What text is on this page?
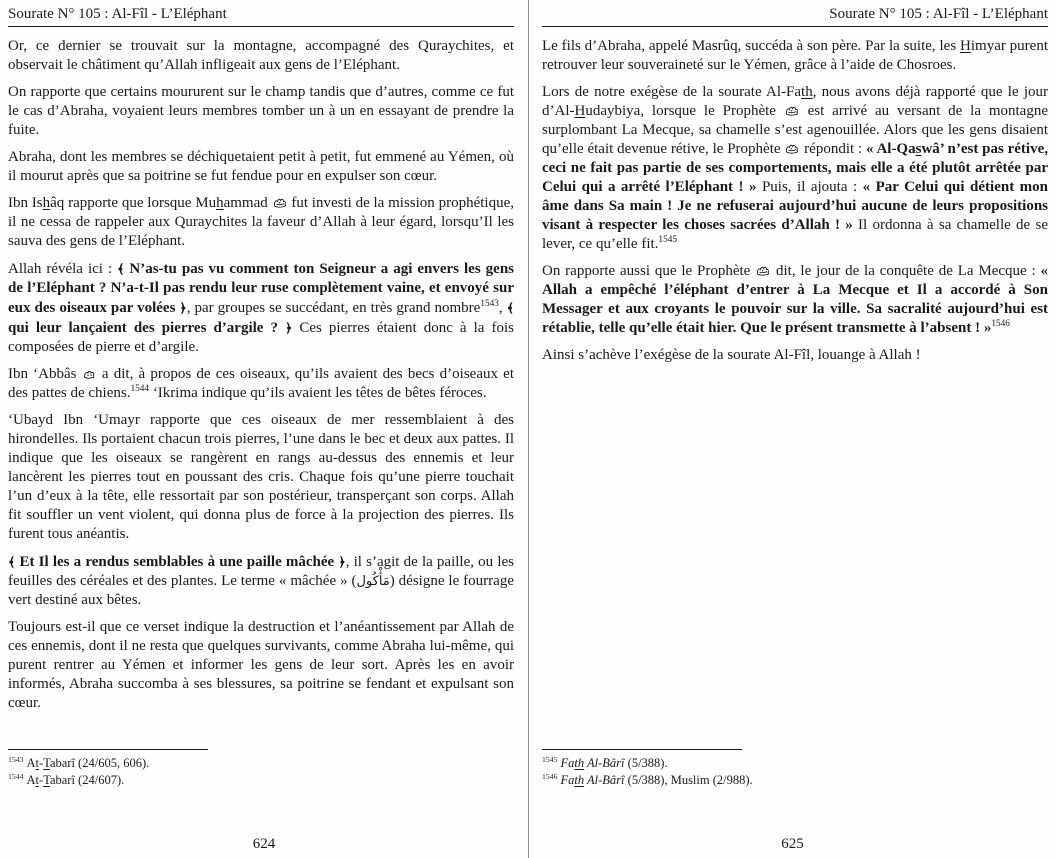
Sourate N° 105 : Al-Fîl - L’Eléphant

Or, ce dernier se trouvait sur la montagne, accompagné des Quraychites, et observait le châtiment qu’Allah infligeait aux gens de l’Eléphant.

On rapporte que certains moururent sur le champ tandis que d’autres, comme ce fut le cas d’Abraha, voyaient leurs membres tomber un à un en essayant de prendre la fuite.

Abraha, dont les membres se déchiquetaient petit à petit, fut emmené au Yémen, où il mourut après que sa poitrine se fut fendue pour en expulser son cœur.

Ibn Ishâq rapporte que lorsque Muhammad  fut investi de la mission prophétique, il ne cessa de rappeler aux Quraychites la faveur d’Allah à leur égard, lorsqu’Il les sauva des gens de l’Eléphant.

Allah révéla ici : ﴾ N’as-tu pas vu comment ton Seigneur a agi envers les gens de l’Eléphant ? N’a-t-Il pas rendu leur ruse complètement vaine, et envoyé sur eux des oiseaux par volées ﴿, par groupes se succédant, en très grand nombre$^{1543}$, ﴾ qui leur lançaient des pierres d’argile ? ﴿ Ces pierres étaient donc à la fois composées de pierre et d’argile.

Ibn ‘Abbâs  a dit, à propos de ces oiseaux, qu’ils avaient des becs d’oiseaux et des pattes de chiens.$^{1544}$ ‘Ikrima indique qu’ils avaient les têtes de bêtes féroces.

‘Ubayd Ibn ‘Umayr rapporte que ces oiseaux de mer ressemblaient à des hirondelles. Ils portaient chacun trois pierres, l’une dans le bec et deux aux pattes. Il indique que les oiseaux se rangèrent en rangs au-dessus des ennemis et leur lancèrent les pierres tout en poussant des cris. Chaque fois qu’une pierre touchait l’un d’eux à la tête, elle ressortait par son postérieur, transperçant son corps. Allah fit souffler un vent violent, qui donna plus de force à la projection des pierres. Ils furent tous anéantis.

﴾ Et Il les a rendus semblables à une paille mâchée ﴿, il s’agit de la paille, ou les feuilles des céréales et des plantes. Le terme « mâchée » (مَأْكُول) désigne le fourrage vert destiné aux bêtes.

Toujours est-il que ce verset indique la destruction et l’anéantissement par Allah de ces ennemis, dont il ne resta que quelques survivants, comme Abraha lui-même, qui purent rentrer au Yémen et informer les gens de leur sort. Après les en avoir informés, Abraha succomba à ses blessures, sa poitrine se fendant et expulsant son cœur.

$^{1543}$ At-Tabarî (24/605, 606).
$^{1544}$ At-Tabarî (24/607).
624
Sourate N° 105 : Al-Fîl - L’Eléphant

Le fils d’Abraha, appelé Masrûq, succéda à son père. Par la suite, les Himyar purent retrouver leur souveraineté sur le Yémen, grâce à l’aide de Chosroes.

Lors de notre exégèse de la sourate Al-Fath, nous avons déjà rapporté que le jour d’Al-Hudaybiya, lorsque le Prophète  est arrivé au versant de la montagne surplombant La Mecque, sa chamelle s’est agenouillée. Alors que les gens disaient qu’elle était devenue rétive, le Prophète  répondit : « Al-Qaswâ’ n’est pas rétive, ceci ne fait pas partie de ses comportements, mais elle a été plutôt arrêtée par Celui qui a arrêté l’Eléphant ! » Puis, il ajouta : « Par Celui qui détient mon âme dans Sa main ! Je ne refuserai aujourd’hui aucune de leurs propositions visant à respecter les choses sacrées d’Allah ! » Il ordonna à sa chamelle de se lever, ce qu’elle fit.$^{1545}$

On rapporte aussi que le Prophète  dit, le jour de la conquête de La Mecque : « Allah a empêché l’éléphant d’entrer à La Mecque et Il a accordé à Son Messager et aux croyants le pouvoir sur la ville. Sa sacralité aujourd’hui est rétablie, telle qu’elle était hier. Que le présent transmette à l’absent ! »$^{1546}$

Ainsi s’achève l’exégèse de la sourate Al-Fîl, louange à Allah !

$^{1545}$ Fath Al-Bârî (5/388).
$^{1546}$ Fath Al-Bârî (5/388), Muslim (2/988).
625
